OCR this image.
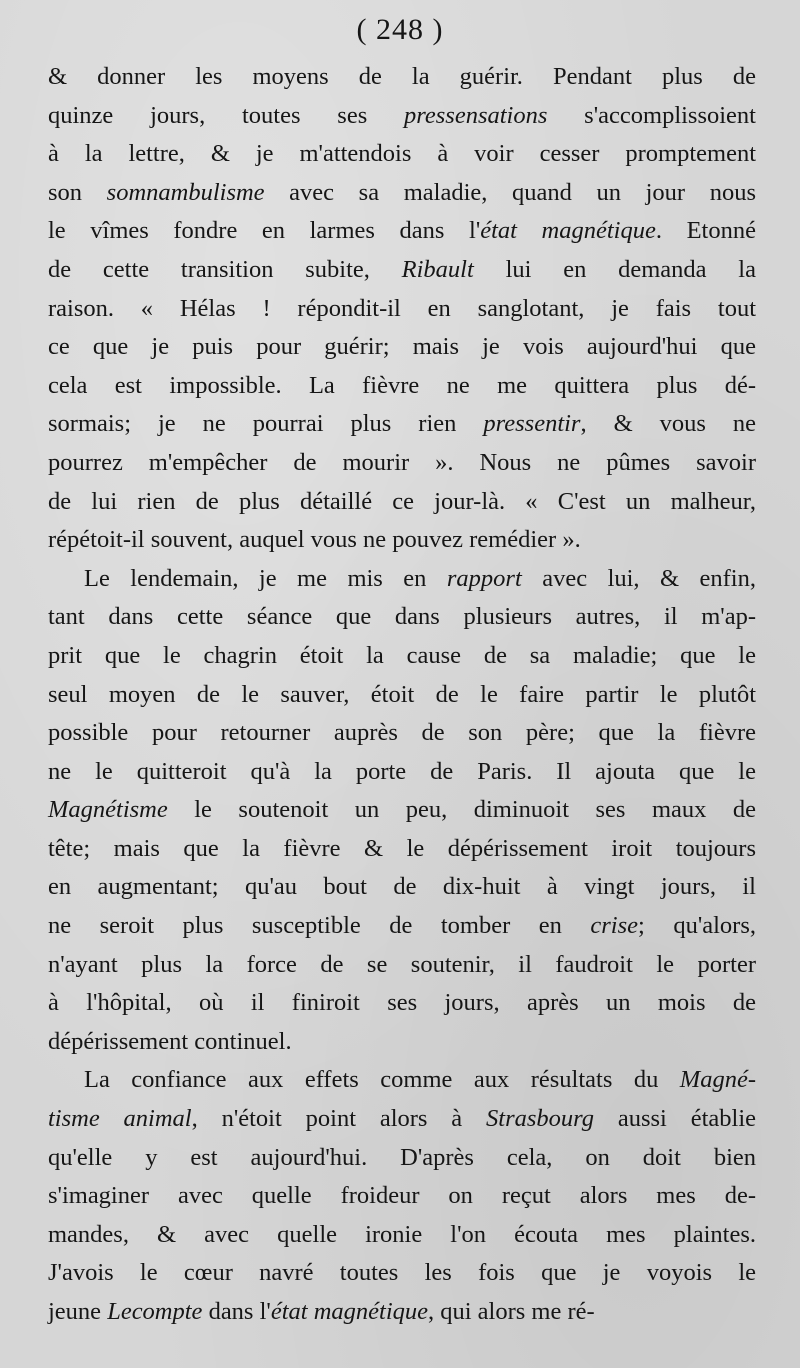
( 248 )
& donner les moyens de la guérir. Pendant plus de
quinze jours, toutes ses pressensations s'accomplissoient
à la lettre, & je m'attendois à voir cesser promptement
son somnambulisme avec sa maladie, quand un jour nous
le vîmes fondre en larmes dans l'état magnétique. Etonné
de cette transition subite, Ribault lui en demanda la
raison. « Hélas ! répondit-il en sanglotant, je fais tout
ce que je puis pour guérir; mais je vois aujourd'hui que
cela est impossible. La fièvre ne me quittera plus dé-
sormais; je ne pourrai plus rien pressentir, & vous ne
pourrez m'empêcher de mourir ». Nous ne pûmes savoir
de lui rien de plus détaillé ce jour-là. « C'est un malheur,
répétoit-il souvent, auquel vous ne pouvez remédier ».
Le lendemain, je me mis en rapport avec lui, & enfin,
tant dans cette séance que dans plusieurs autres, il m'ap-
prit que le chagrin étoit la cause de sa maladie; que le
seul moyen de le sauver, étoit de le faire partir le plutôt
possible pour retourner auprès de son père; que la fièvre
ne le quitteroit qu'à la porte de Paris. Il ajouta que le
Magnétisme le soutenoit un peu, diminuoit ses maux de
tête; mais que la fièvre & le dépérissement iroit toujours
en augmentant; qu'au bout de dix-huit à vingt jours, il
ne seroit plus susceptible de tomber en crise; qu'alors,
n'ayant plus la force de se soutenir, il faudroit le porter
à l'hôpital, où il finiroit ses jours, après un mois de
dépérissement continuel.
La confiance aux effets comme aux résultats du Magné-
tisme animal, n'étoit point alors à Strasbourg aussi établie
qu'elle y est aujourd'hui. D'après cela, on doit bien
s'imaginer avec quelle froideur on reçut alors mes de-
mandes, & avec quelle ironie l'on écouta mes plaintes.
J'avois le cœur navré toutes les fois que je voyois le
jeune Lecompte dans l'état magnétique, qui alors me ré-
